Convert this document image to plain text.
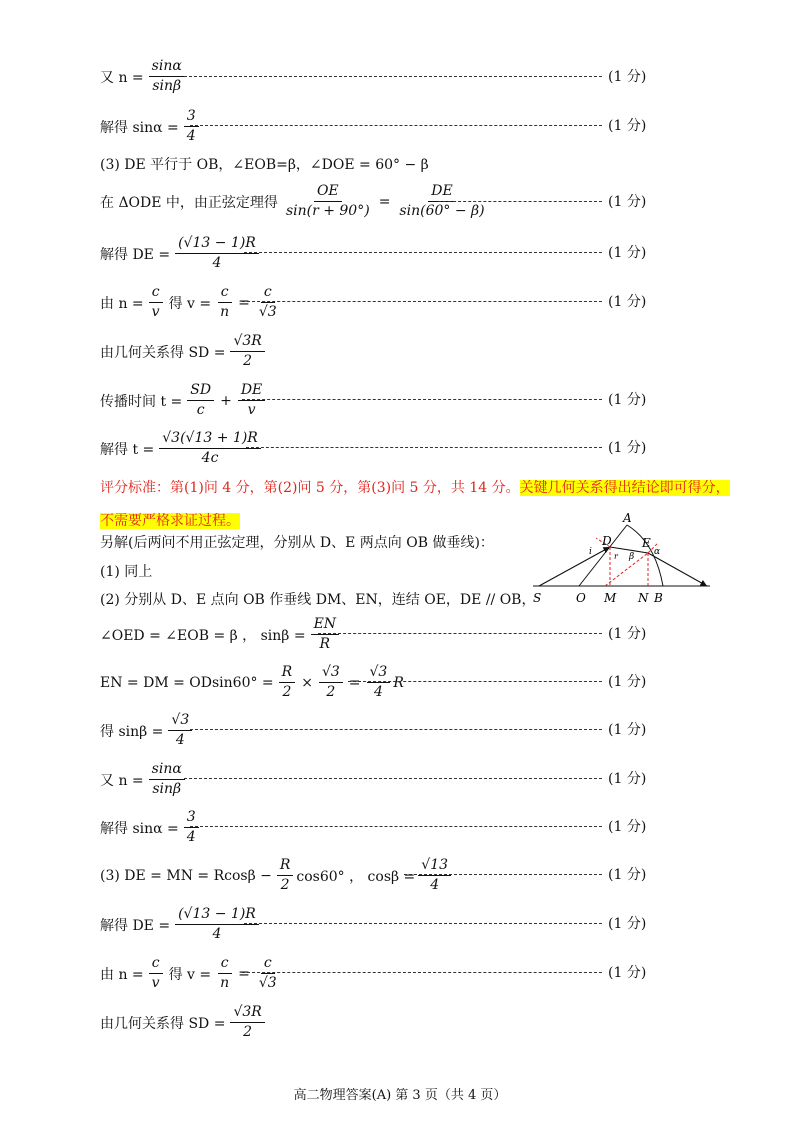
又 $n = \frac{\sin\alpha}{\sin\beta}$	(1 分)
解得 $\sin\alpha = \frac{3}{4}$	(1 分)
(3) DE 平行于 OB，∠EOB=β，∠DOE = 60° − β
在 ΔODE 中，由正弦定理得 $\frac{OE}{\sin(r + 90^\circ)} = \frac{DE}{\sin(60^\circ - \beta)}$	(1 分)
解得 DE = $\frac{(√13 - 1)R}{4}$	(1 分)
由 $n = \frac{c}{v}$ 得 $v = \frac{c}{n} = \frac{c}{√3}$	(1 分)
由几何关系得 SD = $\frac{√3R}{2}$
传播时间 $t = \frac{SD}{c} + \frac{DE}{v}$	(1 分)
解得 $t = \frac{√3(√13 + 1)R}{4c}$	(1 分)
评分标准：第(1)问 4 分，第(2)问 5 分，第(3)问 5 分，共 14 分。关键几何关系得出结论即可得分，不需要严格求证过程。
另解(后两问不用正弦定理，分别从 D、E 两点向 OB 做垂线)：
(1) 同上
(2) 分别从 D、E 点向 OB 作垂线 DM、EN，连结 OE，DE // OB，
A
D	E
i	r β α
S	O M N B
∠OED = ∠EOB = β ， $\sin\beta = \frac{EN}{R}$	(1 分)
EN = DM = $ODsin60^\circ = \frac{R}{2} \times \frac{√3}{2} = \frac{√3}{4}$ R	(1 分)
得 $\sin\beta = \frac{√3}{4}$	(1 分)
又 $n = \frac{\sin\alpha}{\sin\beta}$	(1 分)
解得 $\sin\alpha = \frac{3}{4}$	(1 分)
(3) DE = MN = $Rcos\beta - \frac{R}{2} \cos 60^\circ$ ， $\cos\beta = \frac{√13}{4}$	(1 分)
解得 DE = $\frac{(√13 - 1)R}{4}$	(1 分)
由 $n = \frac{c}{v}$ 得 $v = \frac{c}{n} = \frac{c}{√3}$	(1 分)
由几何关系得 SD = $\frac{√3R}{2}$
高二物理答案(A) 第 3 页（共 4 页）
